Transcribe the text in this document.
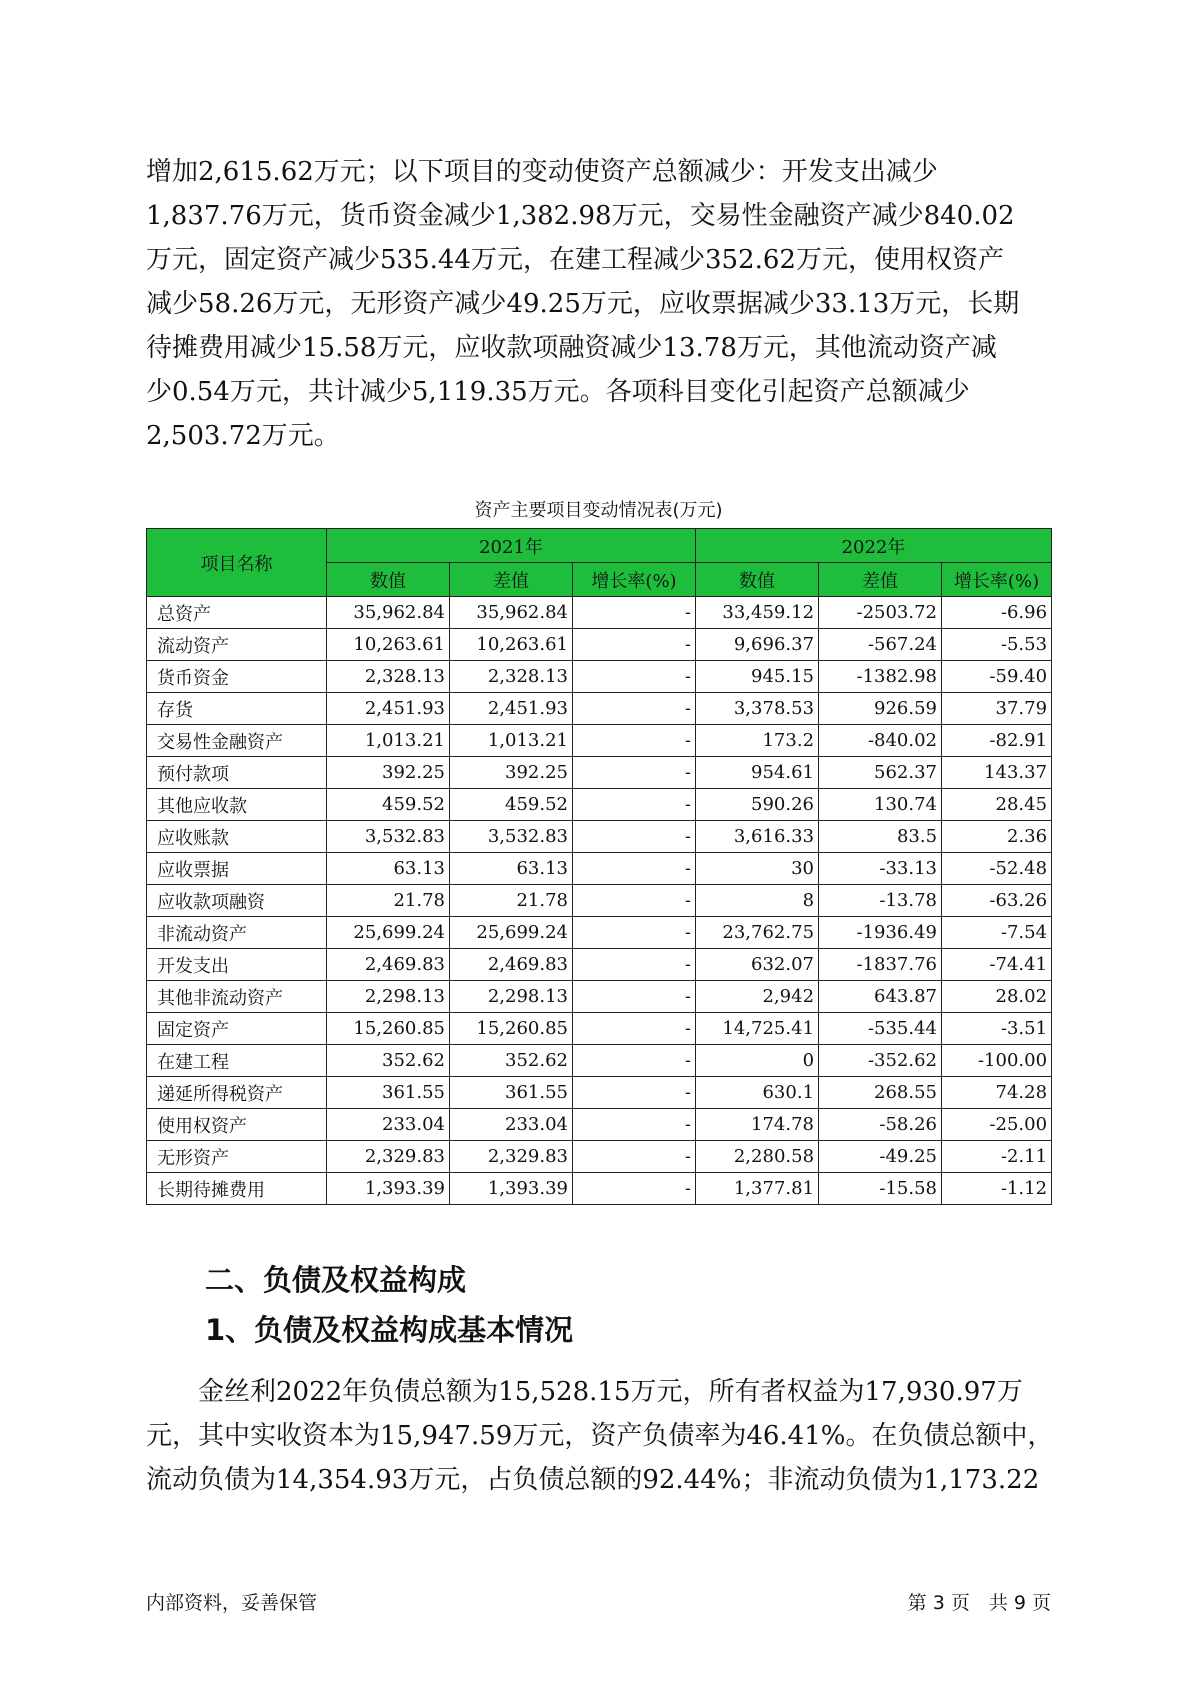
增加2,615.62万元；以下项目的变动使资产总额减少：开发支出减少
1,837.76万元，货币资金减少1,382.98万元，交易性金融资产减少840.02
万元，固定资产减少535.44万元，在建工程减少352.62万元，使用权资产
减少58.26万元，无形资产减少49.25万元，应收票据减少33.13万元，长期
待摊费用减少15.58万元，应收款项融资减少13.78万元，其他流动资产减
少0.54万元，共计减少5,119.35万元。各项科目变化引起资产总额减少
2,503.72万元。
资产主要项目变动情况表(万元)
项目名称	2021年			2022年		
	数值	差值	增长率(%)	数值	差值	增长率(%)
总资产	35,962.84	35,962.84	-	33,459.12	-2503.72	-6.96
流动资产	10,263.61	10,263.61	-	9,696.37	-567.24	-5.53
货币资金	2,328.13	2,328.13	-	945.15	-1382.98	-59.40
存货	2,451.93	2,451.93	-	3,378.53	926.59	37.79
交易性金融资产	1,013.21	1,013.21	-	173.2	-840.02	-82.91
预付款项	392.25	392.25	-	954.61	562.37	143.37
其他应收款	459.52	459.52	-	590.26	130.74	28.45
应收账款	3,532.83	3,532.83	-	3,616.33	83.5	2.36
应收票据	63.13	63.13	-	30	-33.13	-52.48
应收款项融资	21.78	21.78	-	8	-13.78	-63.26
非流动资产	25,699.24	25,699.24	-	23,762.75	-1936.49	-7.54
开发支出	2,469.83	2,469.83	-	632.07	-1837.76	-74.41
其他非流动资产	2,298.13	2,298.13	-	2,942	643.87	28.02
固定资产	15,260.85	15,260.85	-	14,725.41	-535.44	-3.51
在建工程	352.62	352.62	-	0	-352.62	-100.00
递延所得税资产	361.55	361.55	-	630.1	268.55	74.28
使用权资产	233.04	233.04	-	174.78	-58.26	-25.00
无形资产	2,329.83	2,329.83	-	2,280.58	-49.25	-2.11
长期待摊费用	1,393.39	1,393.39	-	1,377.81	-15.58	-1.12
二、负债及权益构成
1、负债及权益构成基本情况
　　金丝利2022年负债总额为15,528.15万元，所有者权益为17,930.97万
元，其中实收资本为15,947.59万元，资产负债率为46.41%。在负债总额中，
流动负债为14,354.93万元，占负债总额的92.44%；非流动负债为1,173.22
内部资料，妥善保管	第 3 页　共 9 页
